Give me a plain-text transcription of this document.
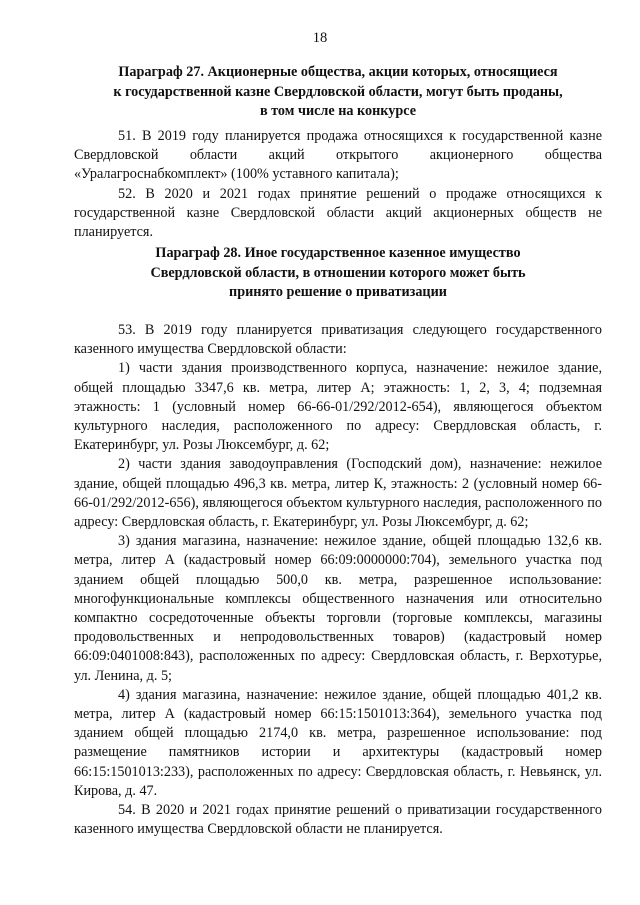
18
Параграф 27. Акционерные общества, акции которых, относящиеся
к государственной казне Свердловской области, могут быть проданы,
в том числе на конкурсе

51. В 2019 году планируется продажа относящихся к государственной казне Свердловской области акций открытого акционерного общества «Уралагроснабкомплект» (100% уставного капитала);

52. В 2020 и 2021 годах принятие решений о продаже относящихся к государственной казне Свердловской области акций акционерных обществ не планируется.

Параграф 28. Иное государственное казенное имущество
Свердловской области, в отношении которого может быть
принято решение о приватизации

53. В 2019 году планируется приватизация следующего государственного казенного имущества Свердловской области:

1) части здания производственного корпуса, назначение: нежилое здание, общей площадью 3347,6 кв. метра, литер А; этажность: 1, 2, 3, 4; подземная этажность: 1 (условный номер 66-66-01/292/2012-654), являющегося объектом культурного наследия, расположенного по адресу: Свердловская область, г. Екатеринбург, ул. Розы Люксембург, д. 62;

2) части здания заводоуправления (Господский дом), назначение: нежилое здание, общей площадью 496,3 кв. метра, литер К, этажность: 2 (условный номер 66-66-01/292/2012-656), являющегося объектом культурного наследия, расположенного по адресу: Свердловская область, г. Екатеринбург, ул. Розы Люксембург, д. 62;

3) здания магазина, назначение: нежилое здание, общей площадью 132,6 кв. метра, литер А (кадастровый номер 66:09:0000000:704), земельного участка под зданием общей площадью 500,0 кв. метра, разрешенное использование: многофункциональные комплексы общественного назначения или относительно компактно сосредоточенные объекты торговли (торговые комплексы, магазины продовольственных и непродовольственных товаров) (кадастровый номер 66:09:0401008:843), расположенных по адресу: Свердловская область, г. Верхотурье, ул. Ленина, д. 5;

4) здания магазина, назначение: нежилое здание, общей площадью 401,2 кв. метра, литер А (кадастровый номер 66:15:1501013:364), земельного участка под зданием общей площадью 2174,0 кв. метра, разрешенное использование: под размещение памятников истории и архитектуры (кадастровый номер 66:15:1501013:233), расположенных по адресу: Свердловская область, г. Невьянск, ул. Кирова, д. 47.

54. В 2020 и 2021 годах принятие решений о приватизации государственного казенного имущества Свердловской области не планируется.
